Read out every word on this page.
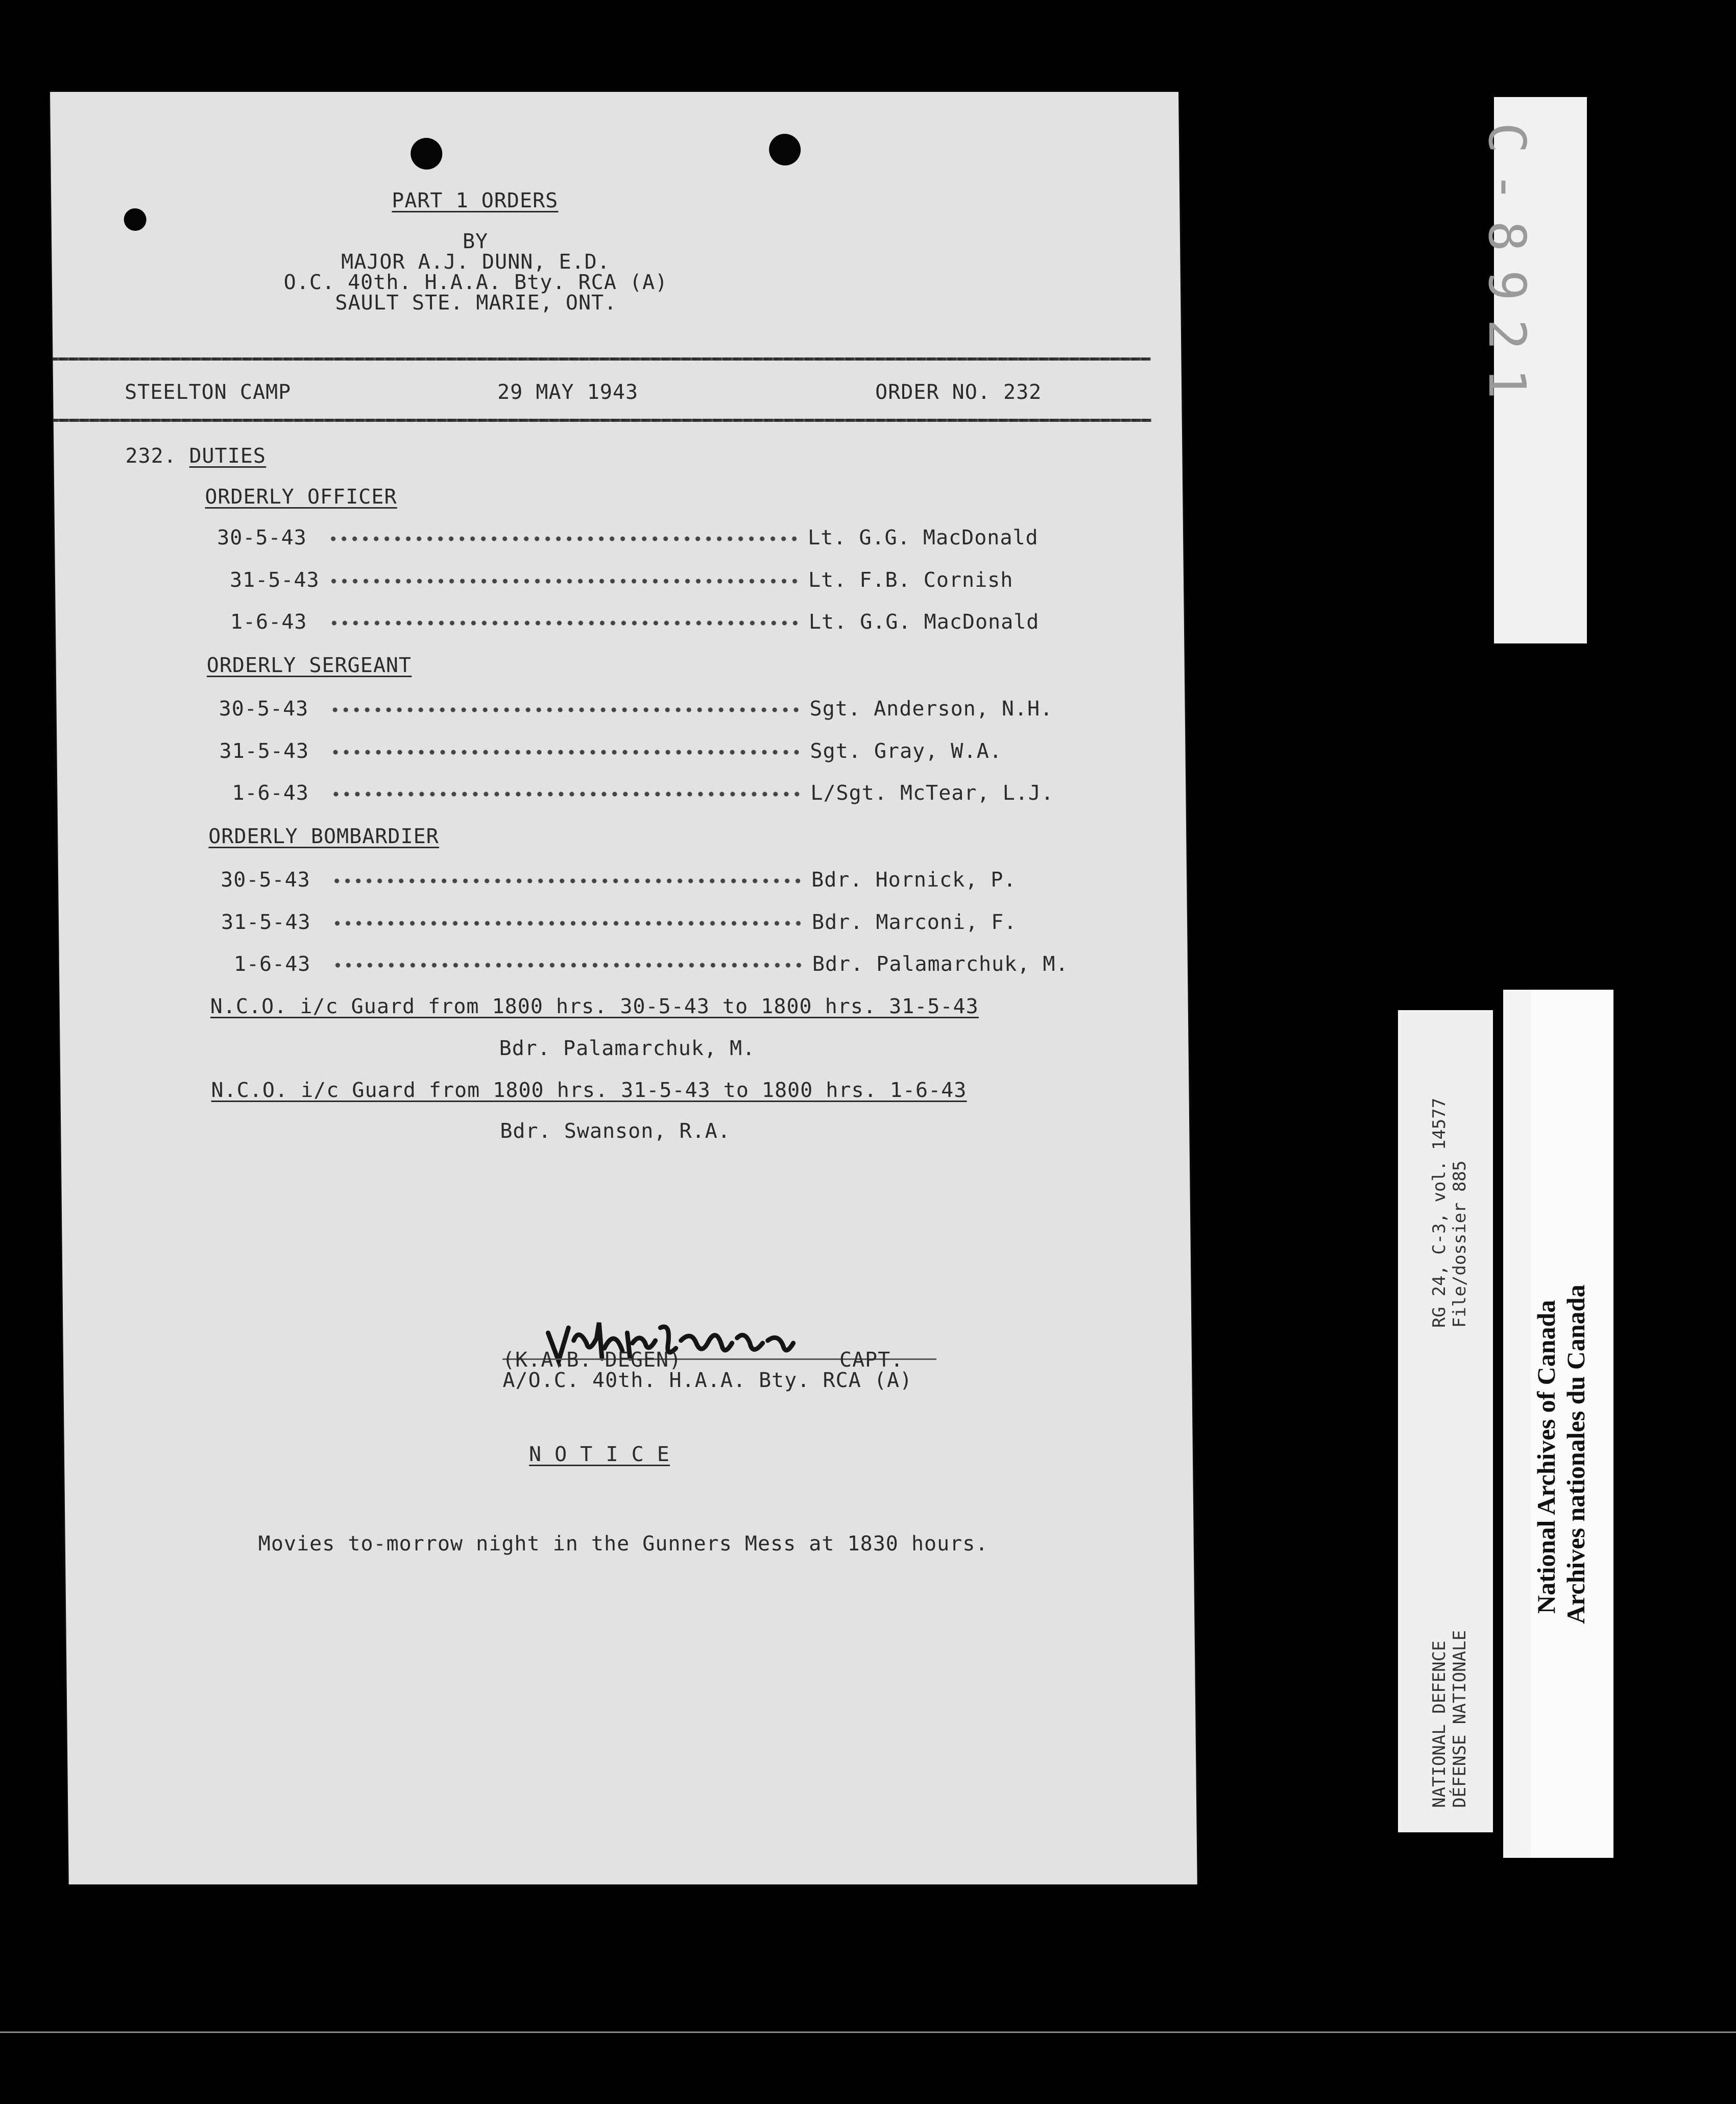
PART 1 ORDERS
BY
MAJOR A.J. DUNN, E.D.
O.C. 40th. H.A.A. Bty. RCA (A)
SAULT STE. MARIE, ONT.
STEELTON CAMP	29 MAY 1943	ORDER NO. 232
232. DUTIES
ORDERLY OFFICER
30-5-43	Lt. G.G. MacDonald
31-5-43	Lt. F.B. Cornish
1-6-43	Lt. G.G. MacDonald
ORDERLY SERGEANT
30-5-43	Sgt. Anderson, N.H.
31-5-43	Sgt. Gray, W.A.
1-6-43	L/Sgt. McTear, L.J.
ORDERLY BOMBARDIER
30-5-43	Bdr. Hornick, P.
31-5-43	Bdr. Marconi, F.
1-6-43	Bdr. Palamarchuk, M.
N.C.O. i/c Guard from 1800 hrs. 30-5-43 to 1800 hrs. 31-5-43
Bdr. Palamarchuk, M.
N.C.O. i/c Guard from 1800 hrs. 31-5-43 to 1800 hrs. 1-6-43
Bdr. Swanson, R.A.
(K.A.B. DEGEN)	CAPT.
A/O.C. 40th. H.A.A. Bty. RCA (A)
N O T I C E
Movies to-morrow night in the Gunners Mess at 1830 hours.
C-8921
RG 24, C-3, vol. 14577 File/dossier 885
NATIONAL DEFENCE DÉFENSE NATIONALE
National Archives of Canada Archives nationales du Canada
